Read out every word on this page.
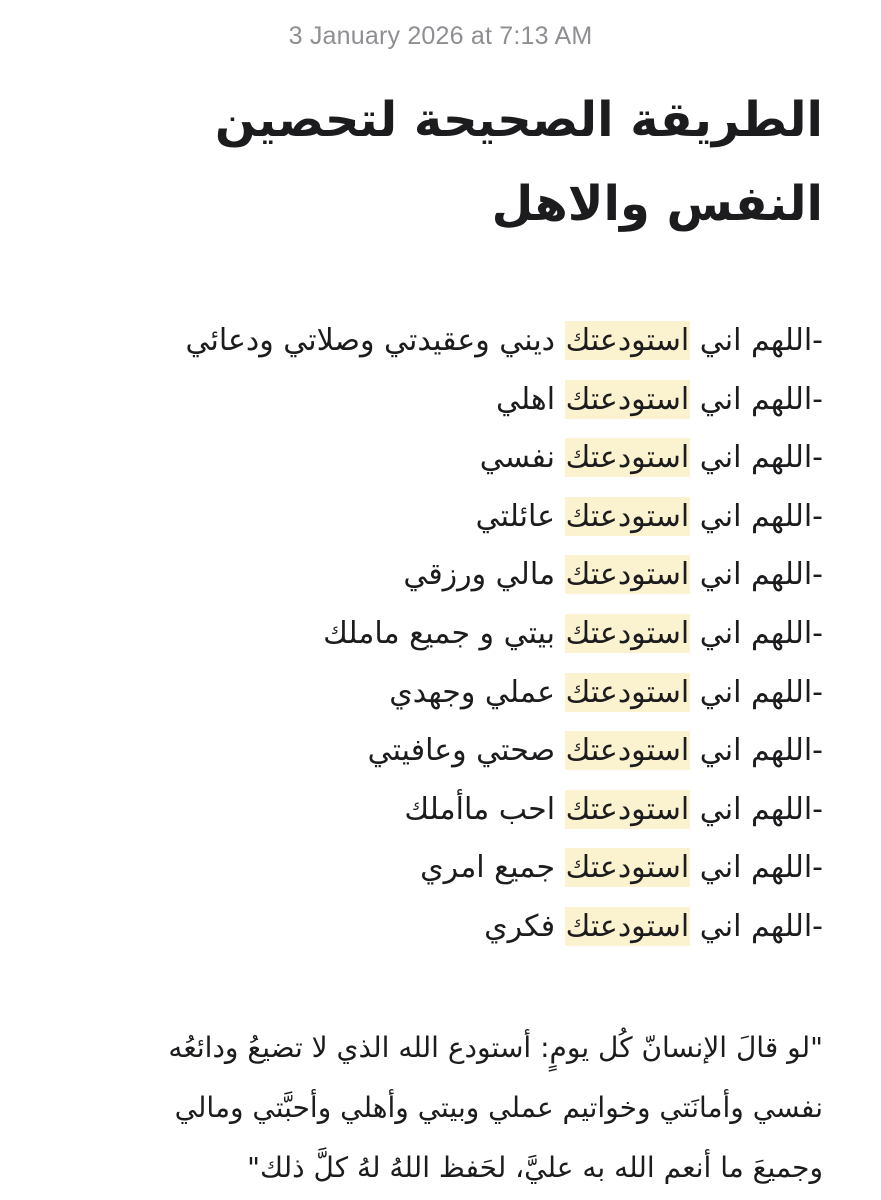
3 January 2026 at 7:13 AM
الطريقة الصحيحة لتحصين النفس والاهل
-اللهم اني استودعتك ديني وعقيدتي وصلاتي ودعائي
-اللهم اني استودعتك اهلي
-اللهم اني استودعتك نفسي
-اللهم اني استودعتك عائلتي
-اللهم اني استودعتك مالي ورزقي
-اللهم اني استودعتك بيتي و جميع ماملك
-اللهم اني استودعتك عملي وجهدي
-اللهم اني استودعتك صحتي وعافيتي
-اللهم اني استودعتك احب ماأملك
-اللهم اني استودعتك جميع امري
-اللهم اني استودعتك فكري

"لو قالَ الإنسانّ كُل يومٍ: أستودع الله الذي لا تضيعُ ودائعُه
نفسي وأمانَتي وخواتيم عملي وبيتي وأهلي وأحبَّتي ومالي
وجميعَ ما أنعم الله به عليَّ، لحَفظ اللهُ لهُ كلَّ ذلك"
